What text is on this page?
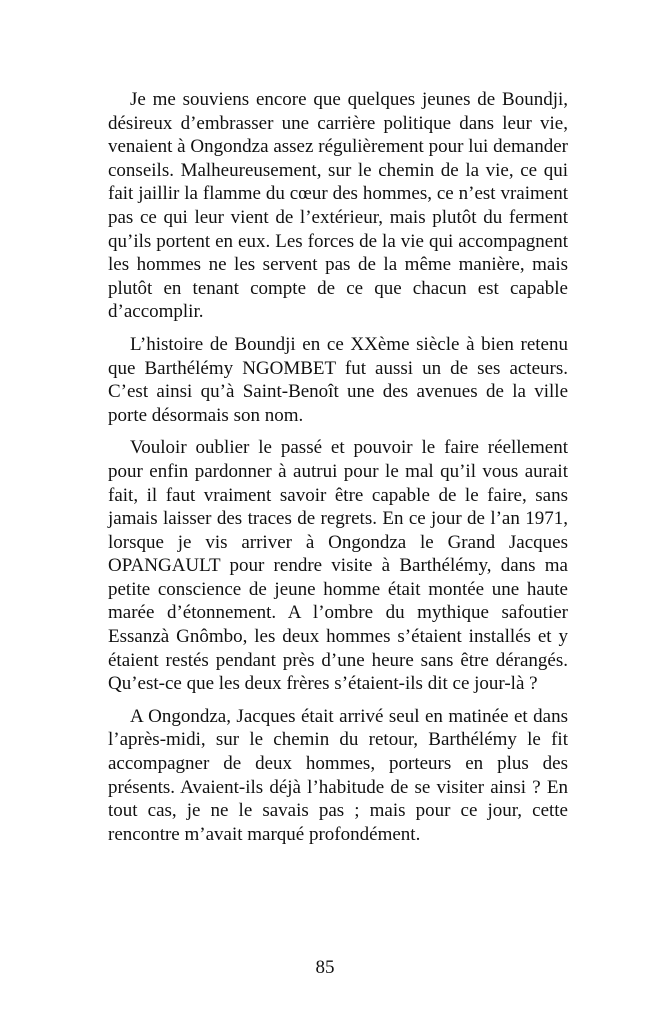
Je me souviens encore que quelques jeunes de Boundji, désireux d’embrasser une carrière politique dans leur vie, venaient à Ongondza assez régulièrement pour lui demander conseils. Malheureusement, sur le chemin de la vie, ce qui fait jaillir la flamme du cœur des hommes, ce n’est vraiment pas ce qui leur vient de l’extérieur, mais plutôt du ferment qu’ils portent en eux. Les forces de la vie qui accompagnent les hommes ne les servent pas de la même manière, mais plutôt en tenant compte de ce que chacun est capable d’accomplir.

L’histoire de Boundji en ce XXème siècle à bien retenu que Barthélémy NGOMBET fut aussi un de ses acteurs. C’est ainsi qu’à Saint-Benoît une des avenues de la ville porte désormais son nom.

Vouloir oublier le passé et pouvoir le faire réellement pour enfin pardonner à autrui pour le mal qu’il vous aurait fait, il faut vraiment savoir être capable de le faire, sans jamais laisser des traces de regrets. En ce jour de l’an 1971, lorsque je vis arriver à Ongondza le Grand Jacques OPANGAULT pour rendre visite à Barthélémy, dans ma petite conscience de jeune homme était montée une haute marée d’étonnement. A l’ombre du mythique safoutier Essanzà Gnômbo, les deux hommes s’étaient installés et y étaient restés pendant près d’une heure sans être dérangés. Qu’est-ce que les deux frères s’étaient-ils dit ce jour-là ?

A Ongondza, Jacques était arrivé seul en matinée et dans l’après-midi, sur le chemin du retour, Barthélémy le fit accompagner de deux hommes, porteurs en plus des présents. Avaient-ils déjà l’habitude de se visiter ainsi ? En tout cas, je ne le savais pas ; mais pour ce jour, cette rencontre m’avait marqué profondément.

85
